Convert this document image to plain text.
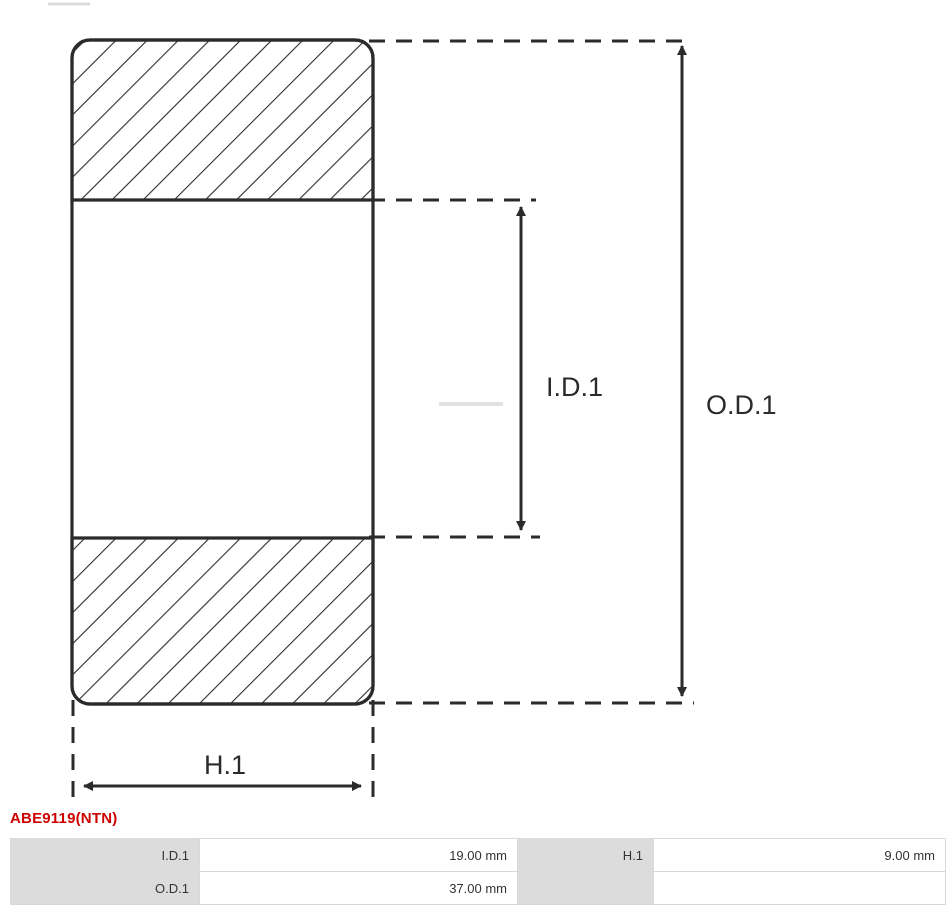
I.D.1
O.D.1
H.1
ABE9119(NTN)
I.D.1	19.00 mm	H.1	9.00 mm
O.D.1	37.00 mm		
